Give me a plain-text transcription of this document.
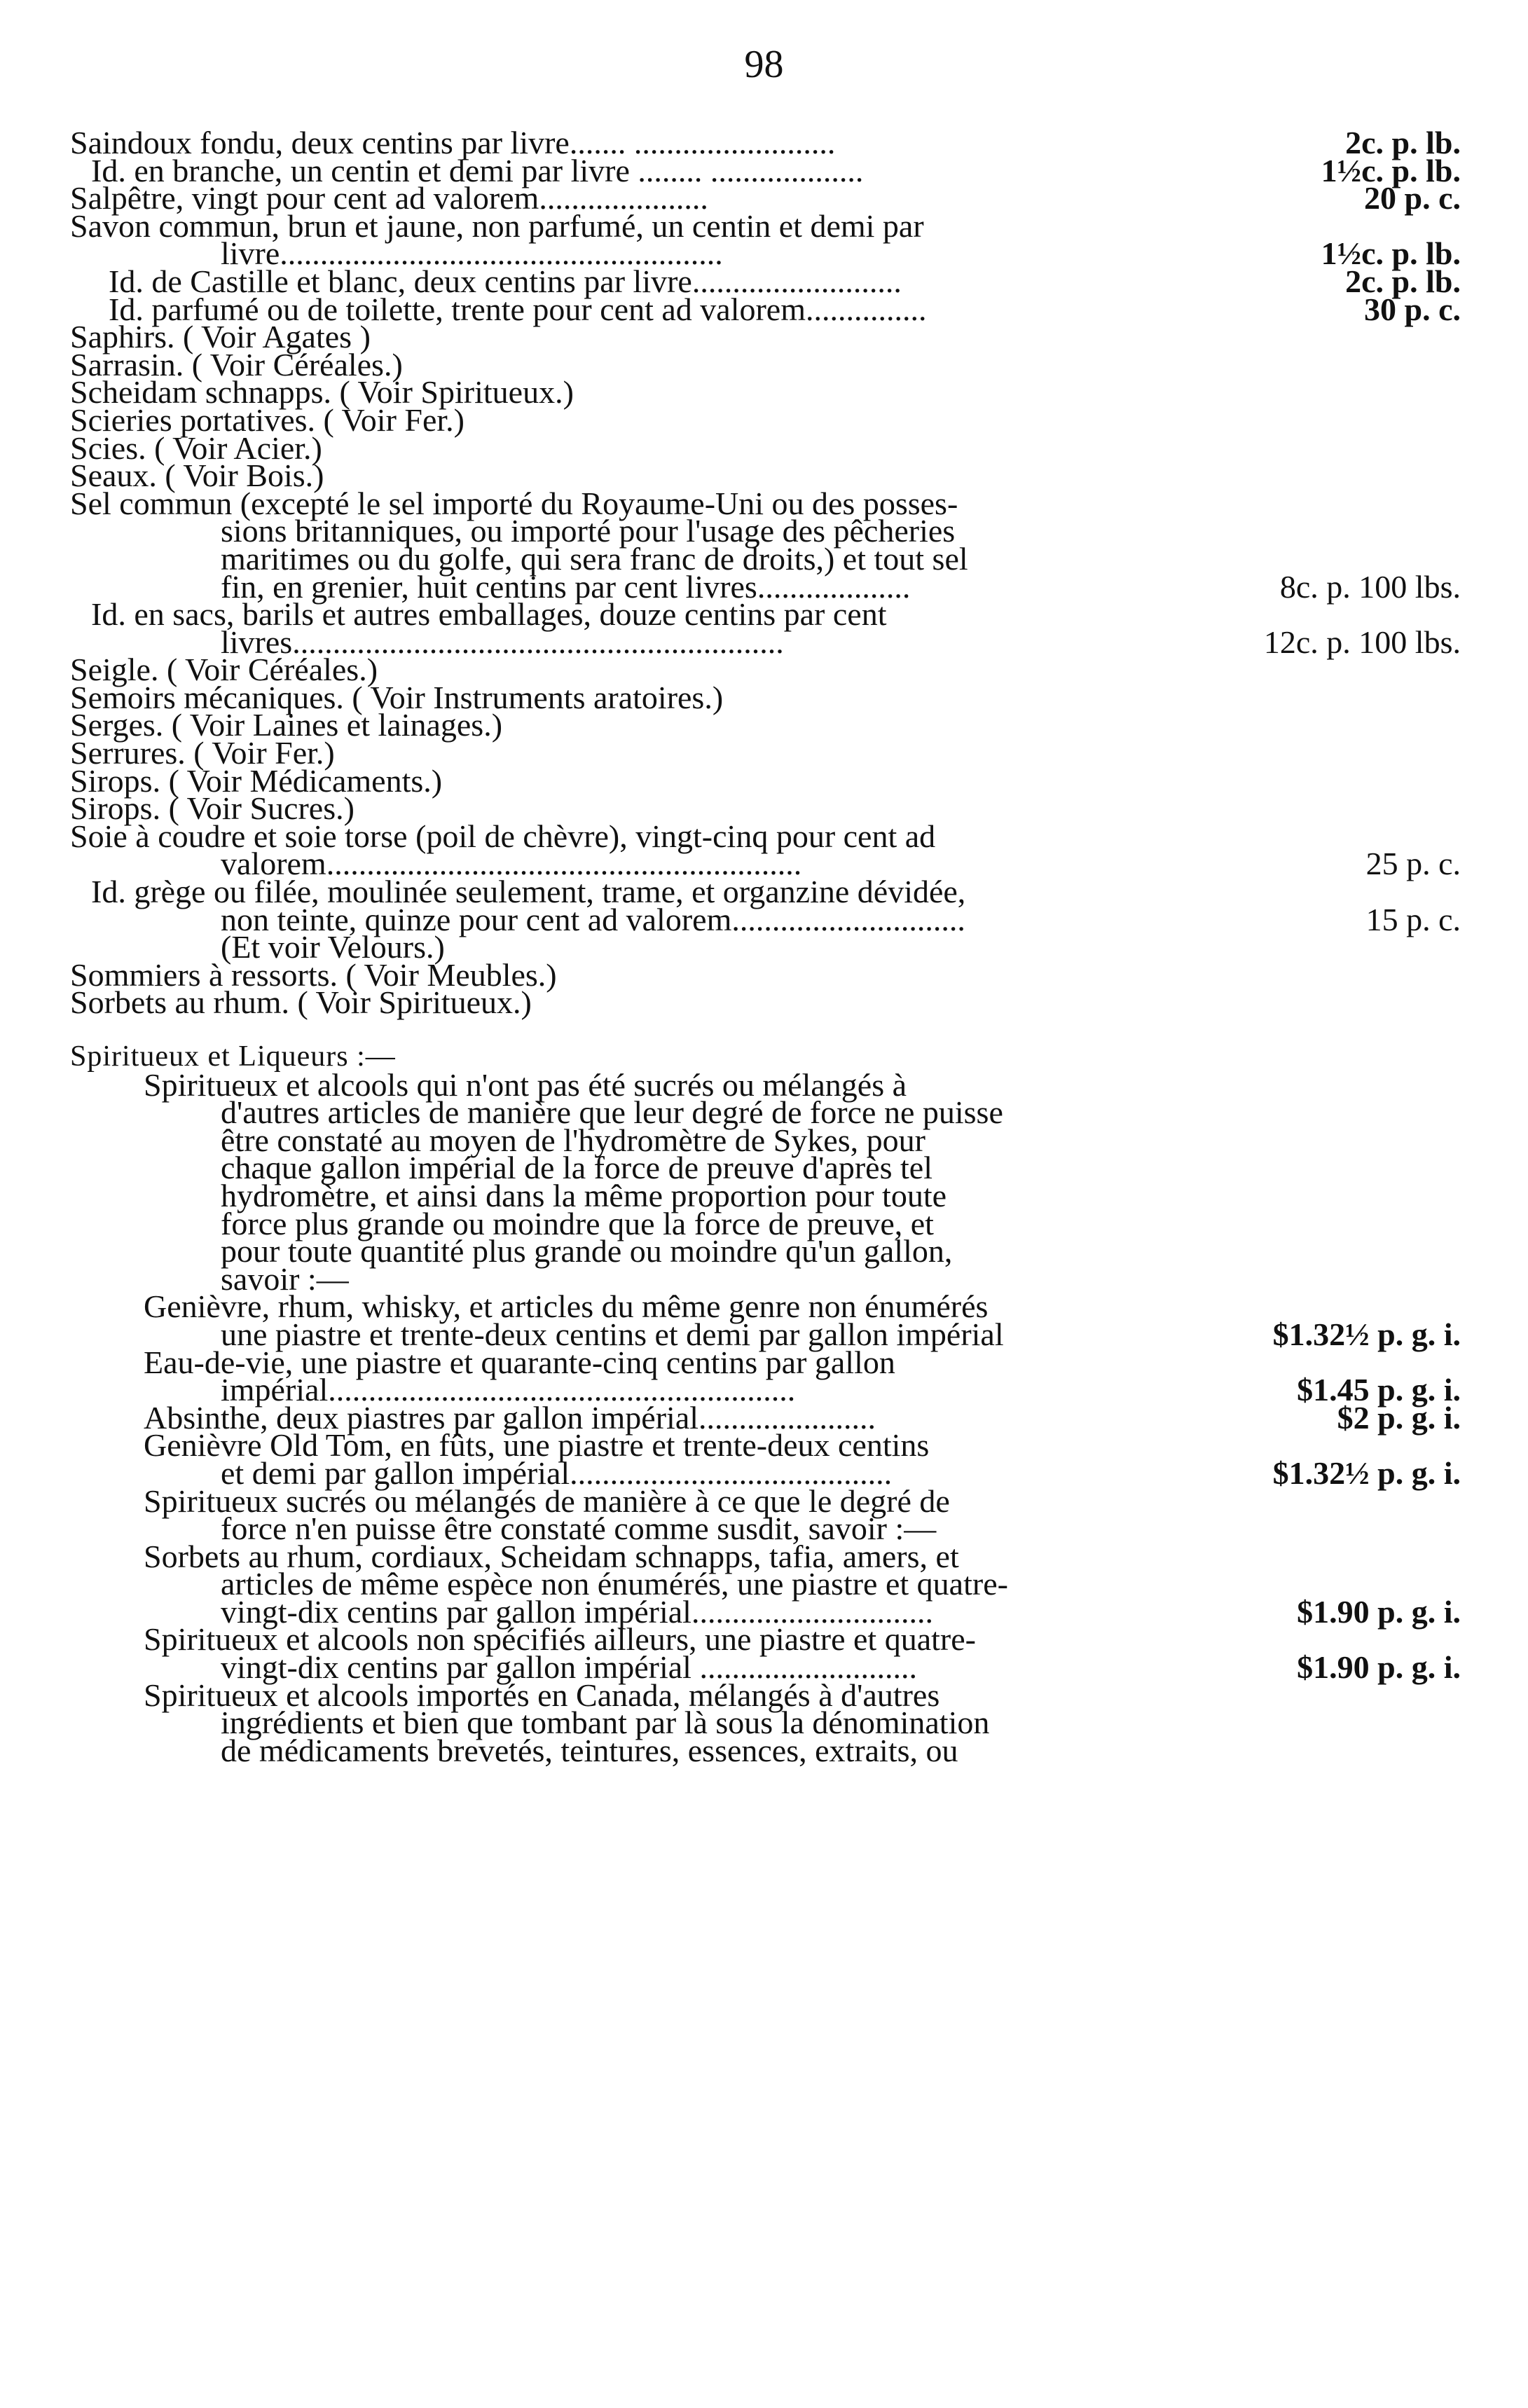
98
Saindoux fondu, deux centins par livre....... .........................	2c. p. lb.
Id. en branche, un centin et demi par livre ........ ...................	1½c. p. lb.
Salpêtre, vingt pour cent ad valorem.....................	20 p. c.
Savon commun, brun et jaune, non parfumé, un centin et demi par
livre.......................................................	1½c. p. lb.
Id. de Castille et blanc, deux centins par livre..........................	2c. p. lb.
Id. parfumé ou de toilette, trente pour cent ad valorem...............	30 p. c.
Saphirs. ( Voir Agates )
Sarrasin. ( Voir Céréales.)
Scheidam schnapps. ( Voir Spiritueux.)
Scieries portatives. ( Voir Fer.)
Scies. ( Voir Acier.)
Seaux. ( Voir Bois.)
Sel commun (excepté le sel importé du Royaume-Uni ou des posses-
sions britanniques, ou importé pour l'usage des pêcheries
maritimes ou du golfe, qui sera franc de droits,) et tout sel
fin, en grenier, huit centins par cent livres...................	8c. p. 100 lbs.
Id. en sacs, barils et autres emballages, douze centins par cent
livres.............................................................	12c. p. 100 lbs.
Seigle. ( Voir Céréales.)
Semoirs mécaniques. ( Voir Instruments aratoires.)
Serges. ( Voir Laines et lainages.)
Serrures. ( Voir Fer.)
Sirops. ( Voir Médicaments.)
Sirops. ( Voir Sucres.)
Soie à coudre et soie torse (poil de chèvre), vingt-cinq pour cent ad
valorem...........................................................	25 p. c.
Id. grège ou filée, moulinée seulement, trame, et organzine dévidée,
non teinte, quinze pour cent ad valorem.............................	15 p. c.
(Et voir Velours.)
Sommiers à ressorts. ( Voir Meubles.)
Sorbets au rhum. ( Voir Spiritueux.)
Spiritueux et Liqueurs :—
Spiritueux et alcools qui n'ont pas été sucrés ou mélangés à
d'autres articles de manière que leur degré de force ne puisse
être constaté au moyen de l'hydromètre de Sykes, pour
chaque gallon impérial de la force de preuve d'après tel
hydromètre, et ainsi dans la même proportion pour toute
force plus grande ou moindre que la force de preuve, et
pour toute quantité plus grande ou moindre qu'un gallon,
savoir :—
Genièvre, rhum, whisky, et articles du même genre non énumérés
une piastre et trente-deux centins et demi par gallon impérial	$1.32½ p. g. i.
Eau-de-vie, une piastre et quarante-cinq centins par gallon
impérial..........................................................	$1.45 p. g. i.
Absinthe, deux piastres par gallon impérial......................	$2 p. g. i.
Genièvre Old Tom, en fûts, une piastre et trente-deux centins
et demi par gallon impérial........................................	$1.32½ p. g. i.
Spiritueux sucrés ou mélangés de manière à ce que le degré de
force n'en puisse être constaté comme susdit, savoir :—
Sorbets au rhum, cordiaux, Scheidam schnapps, tafia, amers, et
articles de même espèce non énumérés, une piastre et quatre-
vingt-dix centins par gallon impérial..............................	$1.90 p. g. i.
Spiritueux et alcools non spécifiés ailleurs, une piastre et quatre-
vingt-dix centins par gallon impérial ...........................	$1.90 p. g. i.
Spiritueux et alcools importés en Canada, mélangés à d'autres
ingrédients et bien que tombant par là sous la dénomination
de médicaments brevetés, teintures, essences, extraits, ou
